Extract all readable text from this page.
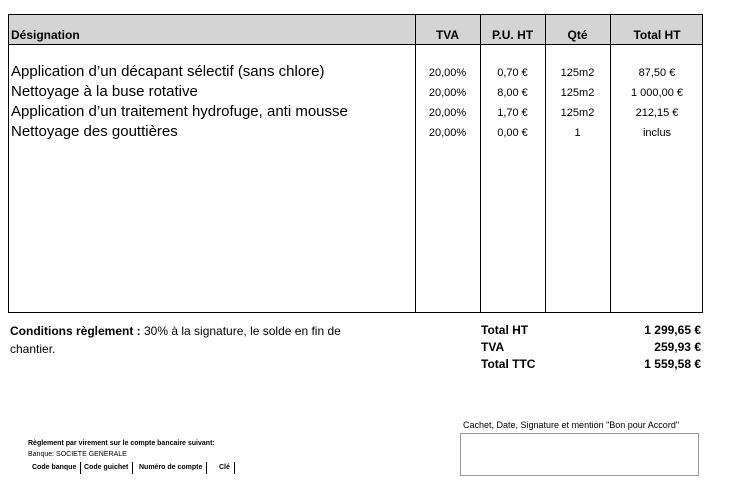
Désignation	TVA	P.U. HT	Qté	Total HT
Application d’un décapant sélectif (sans chlore)	20,00%	0,70 €	125m2	87,50 €
Nettoyage à la buse rotative	20,00%	8,00 €	125m2	1 000,00 €
Application d’un traitement hydrofuge, anti mousse	20,00%	1,70 €	125m2	212,15 €
Nettoyage des gouttières	20,00%	0,00 €	1	inclus
Conditions règlement : 30% à la signature, le solde en fin de chantier.
Total HT	1 299,65 €
TVA	259,93 €
Total TTC	1 559,58 €
Cachet, Date, Signature et mention "Bon pour Accord"
Règlement par virement sur le compte bancaire suivant:
Banque: SOCIETE GENERALE
Code banque	Code guichet	Numéro de compte	Clé
